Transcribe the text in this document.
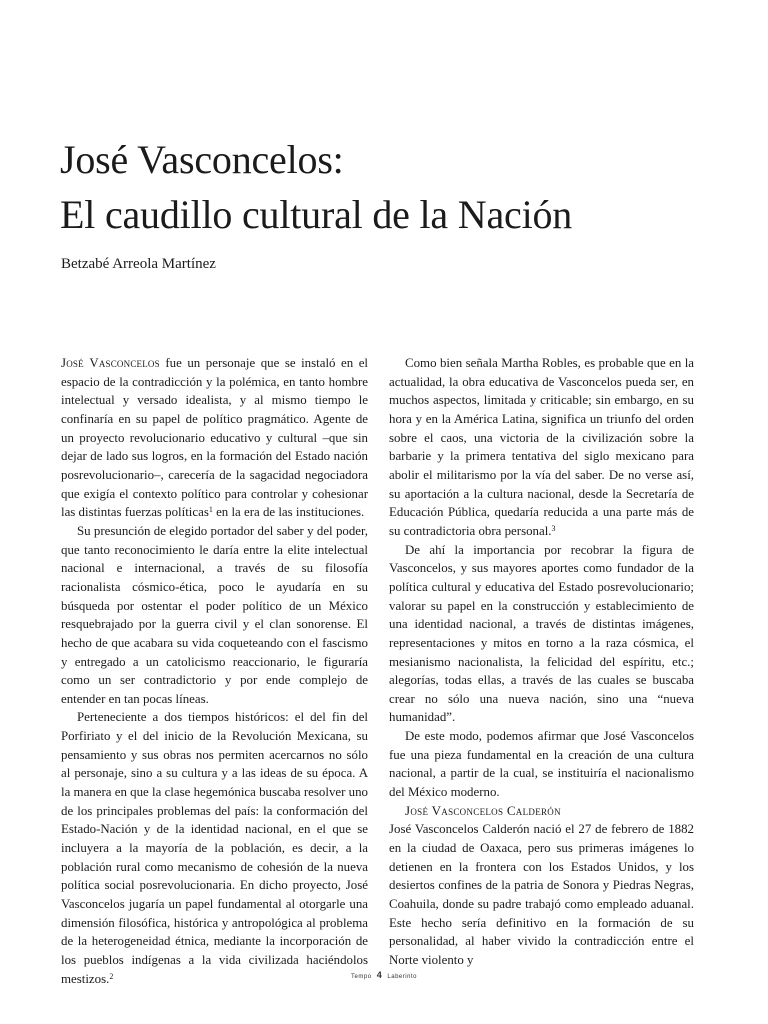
José Vasconcelos:
El caudillo cultural de la Nación

Betzabé Arreola Martínez

José Vasconcelos fue un personaje que se instaló en el espacio de la contradicción y la polémica, en tanto hombre intelectual y versado idealista, y al mismo tiempo le confinaría en su papel de político pragmático. Agente de un proyecto revolucionario educativo y cultural –que sin dejar de lado sus logros, en la formación del Estado nación posrevolucionario–, carecería de la sagacidad negociadora que exigía el contexto político para controlar y cohesionar las distintas fuerzas políticas$^1$ en la era de las instituciones.

Su presunción de elegido portador del saber y del poder, que tanto reconocimiento le daría entre la elite intelectual nacional e internacional, a través de su filosofía racionalista cósmico-ética, poco le ayudaría en su búsqueda por ostentar el poder político de un México resquebrajado por la guerra civil y el clan sonorense. El hecho de que acabara su vida coqueteando con el fascismo y entregado a un catolicismo reaccionario, le figuraría como un ser contradictorio y por ende complejo de entender en tan pocas líneas.

Perteneciente a dos tiempos históricos: el del fin del Porfiriato y el del inicio de la Revolución Mexicana, su pensamiento y sus obras nos permiten acercarnos no sólo al personaje, sino a su cultura y a las ideas de su época. A la manera en que la clase hegemónica buscaba resolver uno de los principales problemas del país: la conformación del Estado-Nación y de la identidad nacional, en el que se incluyera a la mayoría de la población, es decir, a la población rural como mecanismo de cohesión de la nueva política social posrevolucionaria. En dicho proyecto, José Vasconcelos jugaría un papel fundamental al otorgarle una dimensión filosófica, histórica y antropológica al problema de la heterogeneidad étnica, mediante la incorporación de los pueblos indígenas a la vida civilizada haciéndolos mestizos.$^2$

Como bien señala Martha Robles, es probable que en la actualidad, la obra educativa de Vasconcelos pueda ser, en muchos aspectos, limitada y criticable; sin embargo, en su hora y en la América Latina, significa un triunfo del orden sobre el caos, una victoria de la civilización sobre la barbarie y la primera tentativa del siglo mexicano para abolir el militarismo por la vía del saber. De no verse así, su aportación a la cultura nacional, desde la Secretaría de Educación Pública, quedaría reducida a una parte más de su contradictoria obra personal.$^3$

De ahí la importancia por recobrar la figura de Vasconcelos, y sus mayores aportes como fundador de la política cultural y educativa del Estado posrevolucionario; valorar su papel en la construcción y establecimiento de una identidad nacional, a través de distintas imágenes, representaciones y mitos en torno a la raza cósmica, el mesianismo nacionalista, la felicidad del espíritu, etc.; alegorías, todas ellas, a través de las cuales se buscaba crear no sólo una nueva nación, sino una “nueva humanidad”.

De este modo, podemos afirmar que José Vasconcelos fue una pieza fundamental en la creación de una cultura nacional, a partir de la cual, se instituiría el nacionalismo del México moderno.

José Vasconcelos Calderón

José Vasconcelos Calderón nació el 27 de febrero de 1882 en la ciudad de Oaxaca, pero sus primeras imágenes lo detienen en la frontera con los Estados Unidos, y los desiertos confines de la patria de Sonora y Piedras Negras, Coahuila, donde su padre trabajó como empleado aduanal. Este hecho sería definitivo en la formación de su personalidad, al haber vivido la contradicción entre el Norte violento y

Tempo 4 Laberinto
